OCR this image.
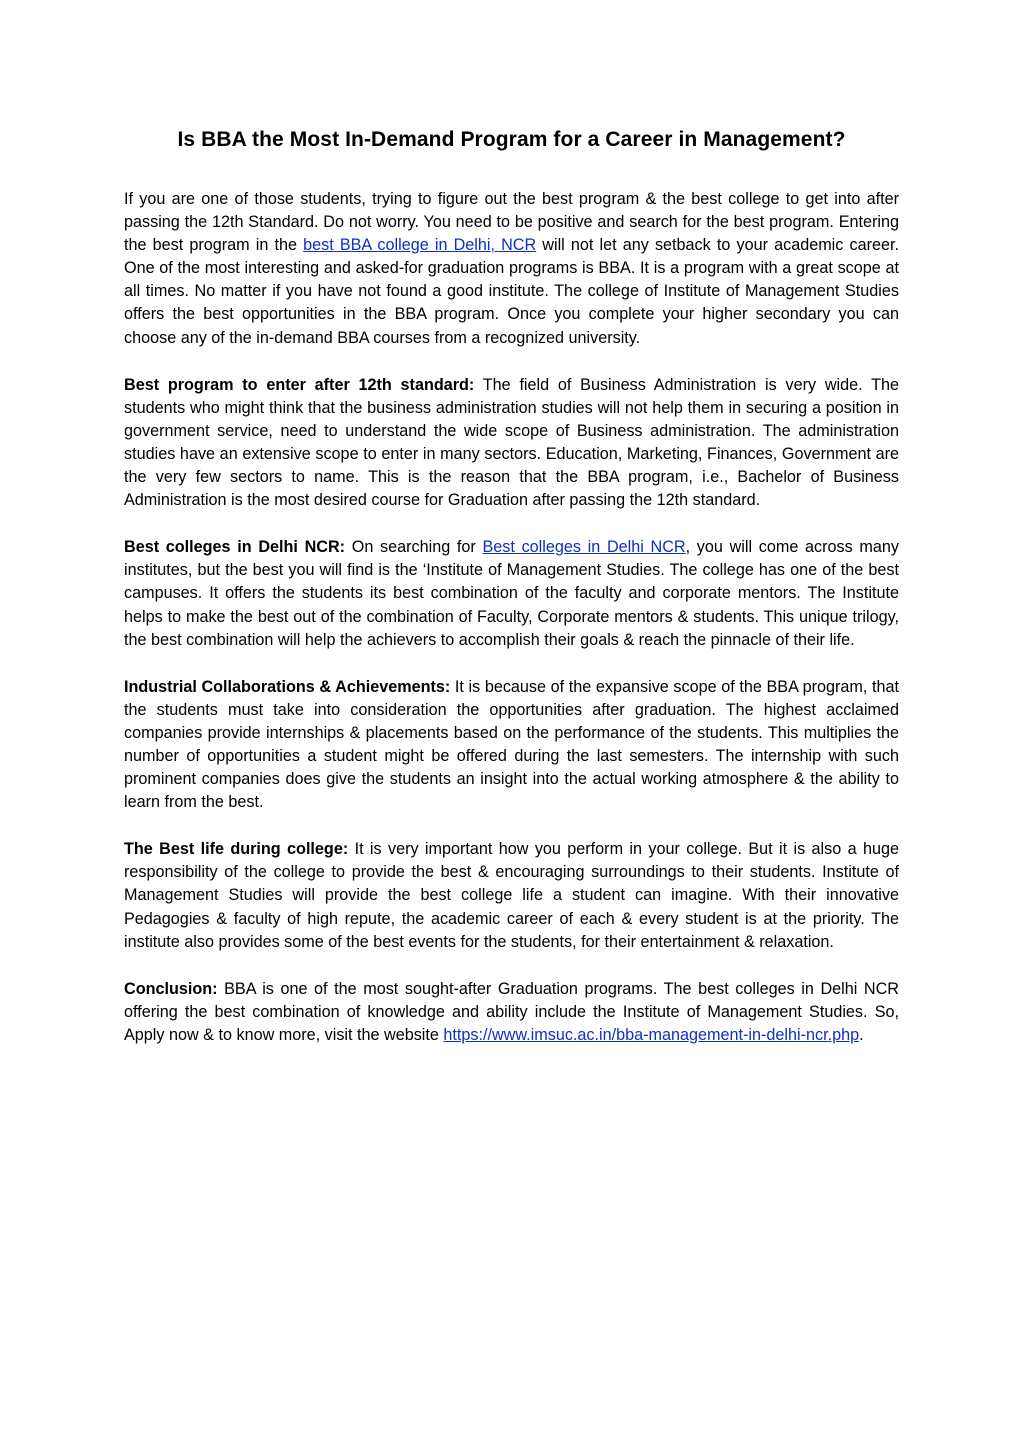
Is BBA the Most In-Demand Program for a Career in Management?

If you are one of those students, trying to figure out the best program & the best college to get into after passing the 12th Standard. Do not worry. You need to be positive and search for the best program. Entering the best program in the best BBA college in Delhi, NCR will not let any setback to your academic career. One of the most interesting and asked-for graduation programs is BBA. It is a program with a great scope at all times. No matter if you have not found a good institute. The college of Institute of Management Studies offers the best opportunities in the BBA program. Once you complete your higher secondary you can choose any of the in-demand BBA courses from a recognized university.

Best program to enter after 12th standard: The field of Business Administration is very wide. The students who might think that the business administration studies will not help them in securing a position in government service, need to understand the wide scope of Business administration. The administration studies have an extensive scope to enter in many sectors. Education, Marketing, Finances, Government are the very few sectors to name. This is the reason that the BBA program, i.e., Bachelor of Business Administration is the most desired course for Graduation after passing the 12th standard.

Best colleges in Delhi NCR: On searching for Best colleges in Delhi NCR, you will come across many institutes, but the best you will find is the ‘Institute of Management Studies. The college has one of the best campuses. It offers the students its best combination of the faculty and corporate mentors. The Institute helps to make the best out of the combination of Faculty, Corporate mentors & students. This unique trilogy, the best combination will help the achievers to accomplish their goals & reach the pinnacle of their life.

Industrial Collaborations & Achievements: It is because of the expansive scope of the BBA program, that the students must take into consideration the opportunities after graduation. The highest acclaimed companies provide internships & placements based on the performance of the students. This multiplies the number of opportunities a student might be offered during the last semesters. The internship with such prominent companies does give the students an insight into the actual working atmosphere & the ability to learn from the best.

The Best life during college: It is very important how you perform in your college. But it is also a huge responsibility of the college to provide the best & encouraging surroundings to their students. Institute of Management Studies will provide the best college life a student can imagine. With their innovative Pedagogies & faculty of high repute, the academic career of each & every student is at the priority. The institute also provides some of the best events for the students, for their entertainment & relaxation.

Conclusion: BBA is one of the most sought-after Graduation programs. The best colleges in Delhi NCR offering the best combination of knowledge and ability include the Institute of Management Studies. So, Apply now & to know more, visit the website https://www.imsuc.ac.in/bba-management-in-delhi-ncr.php.
